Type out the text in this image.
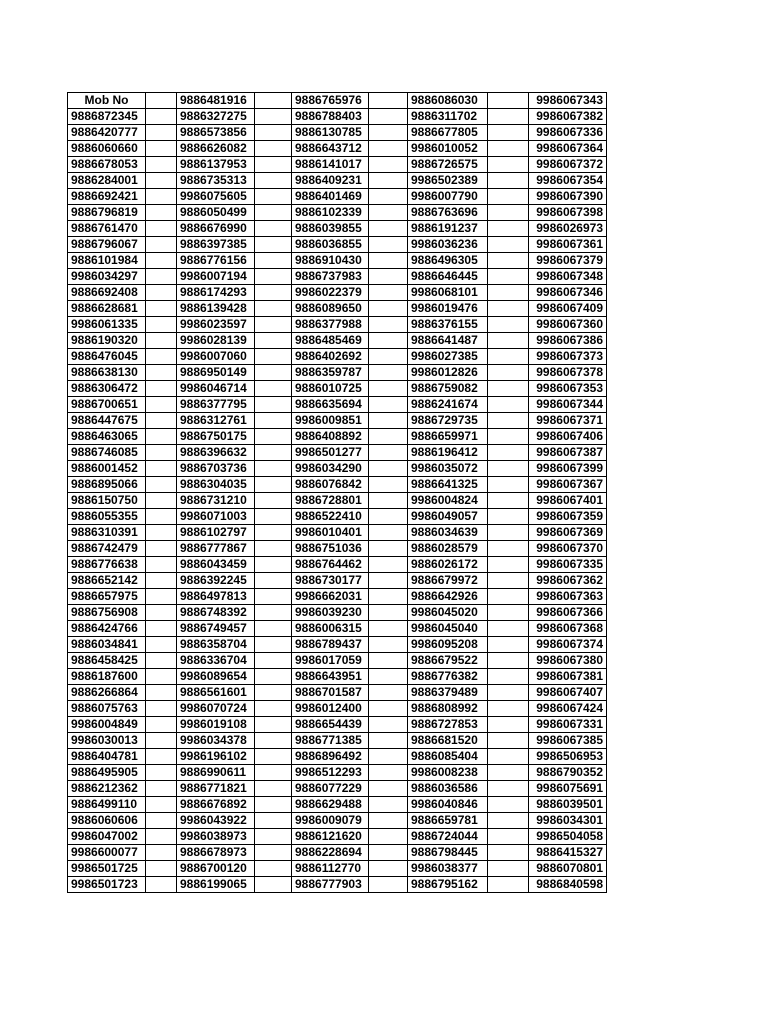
Mob No		9886481916		9886765976		9886086030		9986067343
9886872345		9886327275		9886788403		9886311702		9986067382
9886420777		9886573856		9886130785		9886677805		9986067336
9886060660		9886626082		9886643712		9986010052		9986067364
9886678053		9886137953		9886141017		9886726575		9986067372
9886284001		9886735313		9886409231		9986502389		9986067354
9886692421		9986075605		9886401469		9986007790		9986067390
9886796819		9886050499		9886102339		9886763696		9986067398
9886761470		9886676990		9886039855		9886191237		9986026973
9886796067		9886397385		9886036855		9986036236		9986067361
9886101984		9886776156		9886910430		9886496305		9986067379
9986034297		9986007194		9886737983		9886646445		9986067348
9886692408		9886174293		9986022379		9986068101		9986067346
9886628681		9886139428		9886089650		9986019476		9986067409
9986061335		9986023597		9886377988		9886376155		9986067360
9886190320		9986028139		9886485469		9886641487		9986067386
9886476045		9986007060		9886402692		9986027385		9986067373
9886638130		9886950149		9886359787		9986012826		9986067378
9886306472		9986046714		9886010725		9886759082		9986067353
9886700651		9886377795		9886635694		9886241674		9986067344
9886447675		9886312761		9986009851		9886729735		9986067371
9886463065		9886750175		9886408892		9886659971		9986067406
9886746085		9886396632		9986501277		9886196412		9986067387
9886001452		9886703736		9986034290		9986035072		9986067399
9886895066		9886304035		9886076842		9886641325		9986067367
9886150750		9886731210		9886728801		9986004824		9986067401
9886055355		9986071003		9886522410		9986049057		9986067359
9886310391		9886102797		9986010401		9886034639		9986067369
9886742479		9886777867		9886751036		9886028579		9986067370
9886776638		9886043459		9886764462		9886026172		9986067335
9886652142		9886392245		9886730177		9886679972		9986067362
9886657975		9886497813		9986662031		9886642926		9986067363
9886756908		9886748392		9986039230		9986045020		9986067366
9886424766		9886749457		9886006315		9986045040		9986067368
9886034841		9886358704		9886789437		9986095208		9986067374
9886458425		9886336704		9986017059		9886679522		9986067380
9886187600		9986089654		9886643951		9886776382		9986067381
9886266864		9886561601		9886701587		9886379489		9986067407
9886075763		9986070724		9986012400		9886808992		9986067424
9986004849		9986019108		9886654439		9886727853		9986067331
9986030013		9986034378		9886771385		9886681520		9986067385
9886404781		9986196102		9886896492		9886085404		9986506953
9886495905		9886990611		9986512293		9986008238		9886790352
9886212362		9886771821		9886077229		9886036586		9986075691
9886499110		9886676892		9886629488		9986040846		9886039501
9886060606		9986043922		9986009079		9886659781		9986034301
9986047002		9986038973		9886121620		9886724044		9986504058
9986600077		9886678973		9886228694		9886798445		9886415327
9986501725		9886700120		9886112770		9986038377		9886070801
9986501723		9886199065		9886777903		9886795162		9886840598
